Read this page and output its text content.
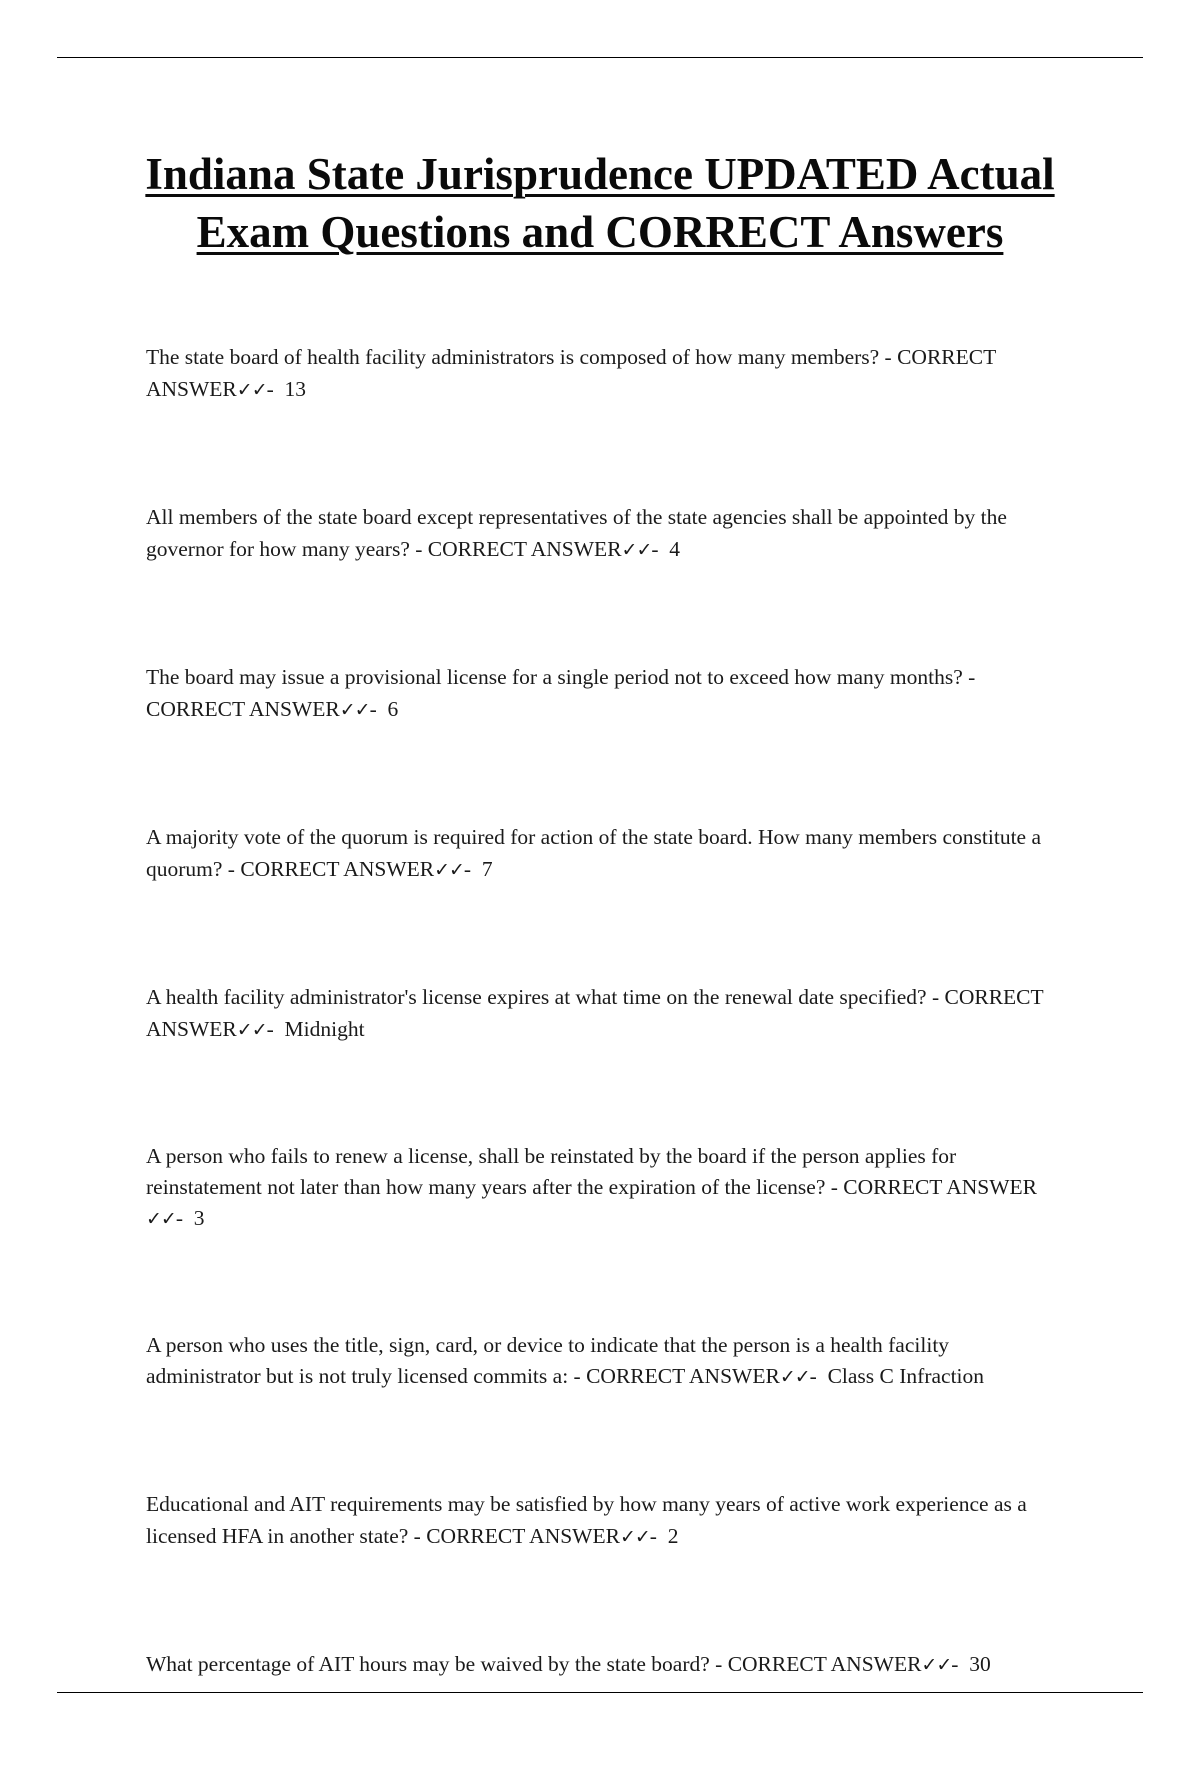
Indiana State Jurisprudence UPDATED Actual Exam Questions and CORRECT Answers
The state board of health facility administrators is composed of how many members? - CORRECT ANSWER✓✓-  13
All members of the state board except representatives of the state agencies shall be appointed by the governor for how many years? - CORRECT ANSWER✓✓-  4
The board may issue a provisional license for a single period not to exceed how many months? - CORRECT ANSWER✓✓-  6
A majority vote of the quorum is required for action of the state board. How many members constitute a quorum? - CORRECT ANSWER✓✓-  7
A health facility administrator's license expires at what time on the renewal date specified? - CORRECT ANSWER✓✓-  Midnight
A person who fails to renew a license, shall be reinstated by the board if the person applies for reinstatement not later than how many years after the expiration of the license? - CORRECT ANSWER✓✓-  3
A person who uses the title, sign, card, or device to indicate that the person is a health facility administrator but is not truly licensed commits a: - CORRECT ANSWER✓✓-  Class C Infraction
Educational and AIT requirements may be satisfied by how many years of active work experience as a licensed HFA in another state? - CORRECT ANSWER✓✓-  2
What percentage of AIT hours may be waived by the state board? - CORRECT ANSWER✓✓-  30
